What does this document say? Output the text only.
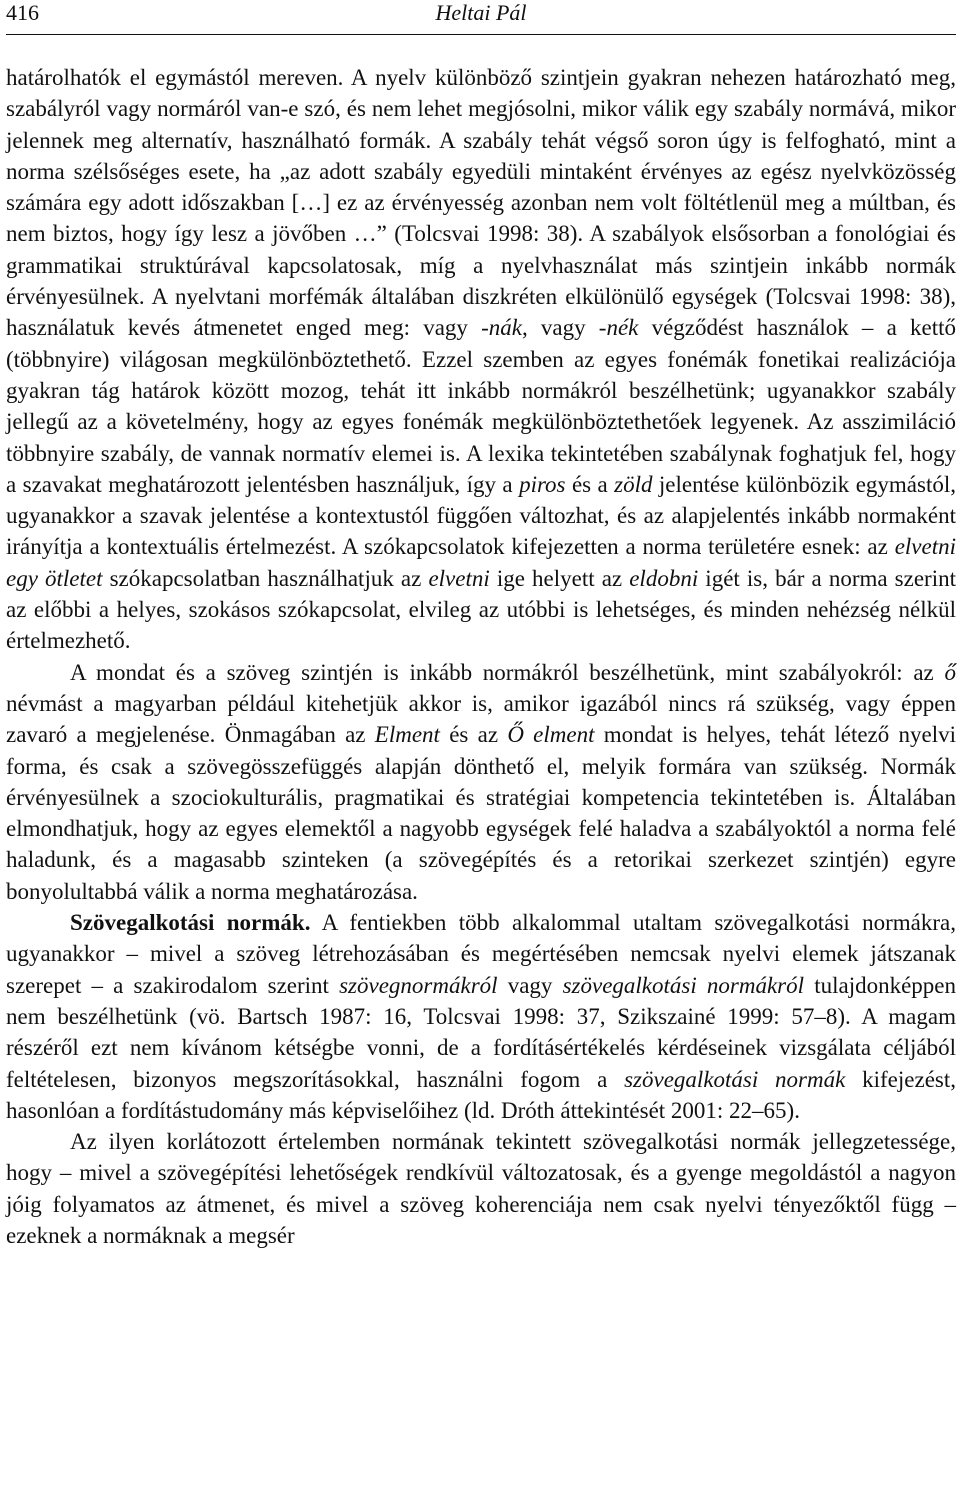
416	Heltai Pál

határolhatók el egymástól mereven. A nyelv különböző szintjein gyakran nehezen határozható meg, szabályról vagy normáról van-e szó, és nem lehet megjósolni, mikor válik egy szabály normává, mikor jelennek meg alternatív, használható formák. A szabály tehát végső soron úgy is felfogható, mint a norma szélsőséges esete, ha „az adott szabály egyedüli mintaként érvényes az egész nyelvközösség számára egy adott időszakban […] ez az érvényesség azonban nem volt föltétlenül meg a múltban, és nem biztos, hogy így lesz a jövőben …” (Tolcsvai 1998: 38). A szabályok elsősorban a fonológiai és grammatikai struktúrával kapcsolatosak, míg a nyelvhasználat más szintjein inkább normák érvényesülnek. A nyelvtani morfémák általában diszkréten elkülönülő egységek (Tolcsvai 1998: 38), használatuk kevés átmenetet enged meg: vagy -nák, vagy -nék végződést használok – a kettő (többnyire) világosan megkülönböztethető. Ezzel szemben az egyes fonémák fonetikai realizációja gyakran tág határok között mozog, tehát itt inkább normákról beszélhetünk; ugyanakkor szabály jellegű az a követelmény, hogy az egyes fonémák megkülönböztethetőek legyenek. Az asszimiláció többnyire szabály, de vannak normatív elemei is. A lexika tekintetében szabálynak foghatjuk fel, hogy a szavakat meghatározott jelentésben használjuk, így a piros és a zöld jelentése különbözik egymástól, ugyanakkor a szavak jelentése a kontextustól függően változhat, és az alapjelentés inkább normaként irányítja a kontextuális értelmezést. A szókapcsolatok kifejezetten a norma területére esnek: az elvetni egy ötletet szókapcsolatban használhatjuk az elvetni ige helyett az eldobni igét is, bár a norma szerint az előbbi a helyes, szokásos szókapcsolat, elvileg az utóbbi is lehetséges, és minden nehézség nélkül értelmezhető.

A mondat és a szöveg szintjén is inkább normákról beszélhetünk, mint szabályokról: az ő névmást a magyarban például kitehetjük akkor is, amikor igazából nincs rá szükség, vagy éppen zavaró a megjelenése. Önmagában az Elment és az Ő elment mondat is helyes, tehát létező nyelvi forma, és csak a szövegösszefüggés alapján dönthető el, melyik formára van szükség. Normák érvényesülnek a szociokulturális, pragmatikai és stratégiai kompetencia tekintetében is. Általában elmondhatjuk, hogy az egyes elemektől a nagyobb egységek felé haladva a szabályoktól a norma felé haladunk, és a magasabb szinteken (a szövegépítés és a retorikai szerkezet szintjén) egyre bonyolultabbá válik a norma meghatározása.

Szövegalkotási normák. A fentiekben több alkalommal utaltam szövegalkotási normákra, ugyanakkor – mivel a szöveg létrehozásában és megértésében nemcsak nyelvi elemek játszanak szerepet – a szakirodalom szerint szövegnormákról vagy szövegalkotási normákról tulajdonképpen nem beszélhetünk (vö. Bartsch 1987: 16, Tolcsvai 1998: 37, Szikszainé 1999: 57–8). A magam részéről ezt nem kívánom kétségbe vonni, de a fordításértékelés kérdéseinek vizsgálata céljából feltételesen, bizonyos megszorításokkal, használni fogom a szövegalkotási normák kifejezést, hasonlóan a fordítástudomány más képviselőihez (ld. Dróth áttekintését 2001: 22–65).

Az ilyen korlátozott értelemben normának tekintett szövegalkotási normák jellegzetessége, hogy – mivel a szövegépítési lehetőségek rendkívül változatosak, és a gyenge megoldástól a nagyon jóig folyamatos az átmenet, és mivel a szöveg koherenciája nem csak nyelvi tényezőktől függ – ezeknek a normáknak a megsér
